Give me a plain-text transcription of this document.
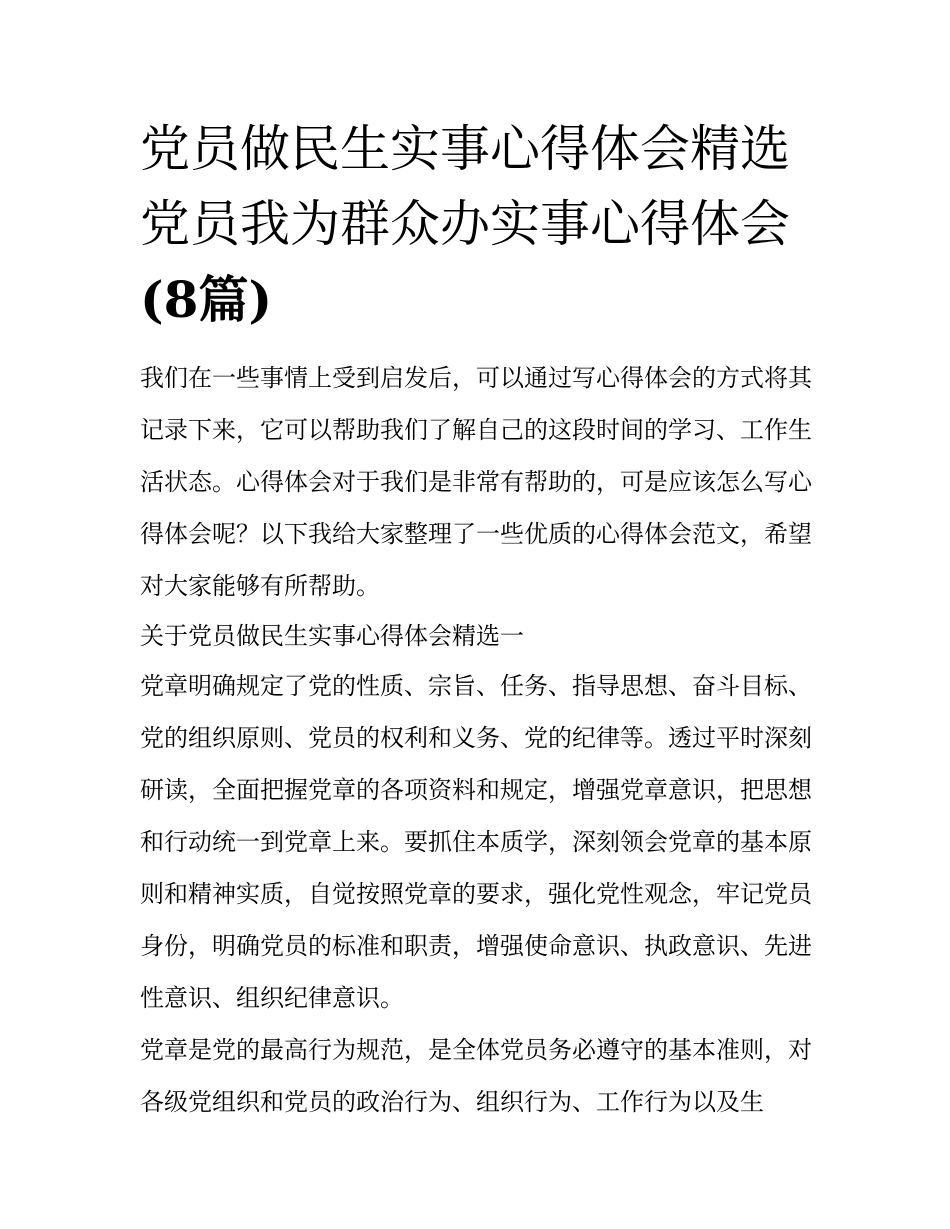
党员做民生实事心得体会精选
党员我为群众办实事心得体会
(8篇)

我们在一些事情上受到启发后，可以通过写心得体会的方式将其记录下来，它可以帮助我们了解自己的这段时间的学习、工作生活状态。心得体会对于我们是非常有帮助的，可是应该怎么写心得体会呢？以下我给大家整理了一些优质的心得体会范文，希望对大家能够有所帮助。

关于党员做民生实事心得体会精选一

党章明确规定了党的性质、宗旨、任务、指导思想、奋斗目标、党的组织原则、党员的权利和义务、党的纪律等。透过平时深刻研读，全面把握党章的各项资料和规定，增强党章意识，把思想和行动统一到党章上来。要抓住本质学，深刻领会党章的基本原则和精神实质，自觉按照党章的要求，强化党性观念，牢记党员身份，明确党员的标准和职责，增强使命意识、执政意识、先进性意识、组织纪律意识。

党章是党的最高行为规范，是全体党员务必遵守的基本准则，对各级党组织和党员的政治行为、组织行为、工作行为以及生
